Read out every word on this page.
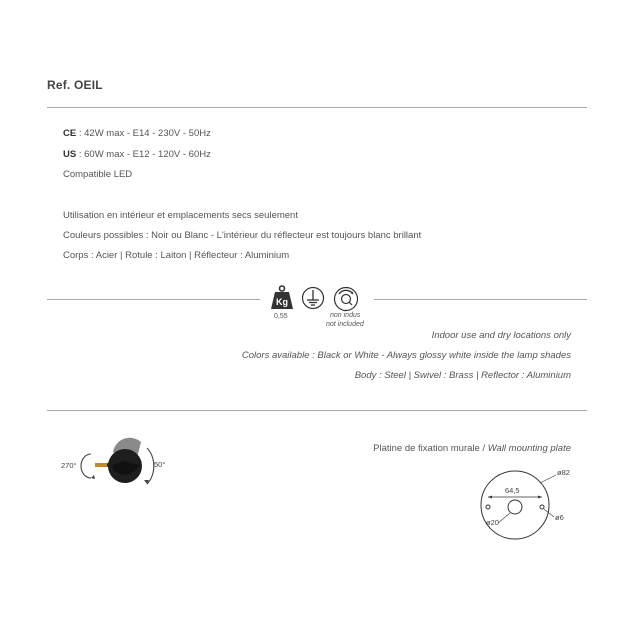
Ref. OEIL
CE : 42W max - E14 - 230V - 50Hz
US : 60W max - E12 - 120V - 60Hz
Compatible LED
Utilisation en intérieur et emplacements secs seulement
Couleurs possibles : Noir ou Blanc - L'intérieur du réflecteur est toujours blanc brillant
Corps : Acier | Rotule : Laiton | Réflecteur : Aluminium
Kg
0,55	non indus
not included
Indoor use and dry locations only
Colors available : Black or White - Always glossy white inside the lamp shades
Body : Steel | Swivel : Brass | Reflector : Aluminium
270°	50°
Platine de fixation murale / Wall mounting plate
ø82
64,5
ø20
ø6
